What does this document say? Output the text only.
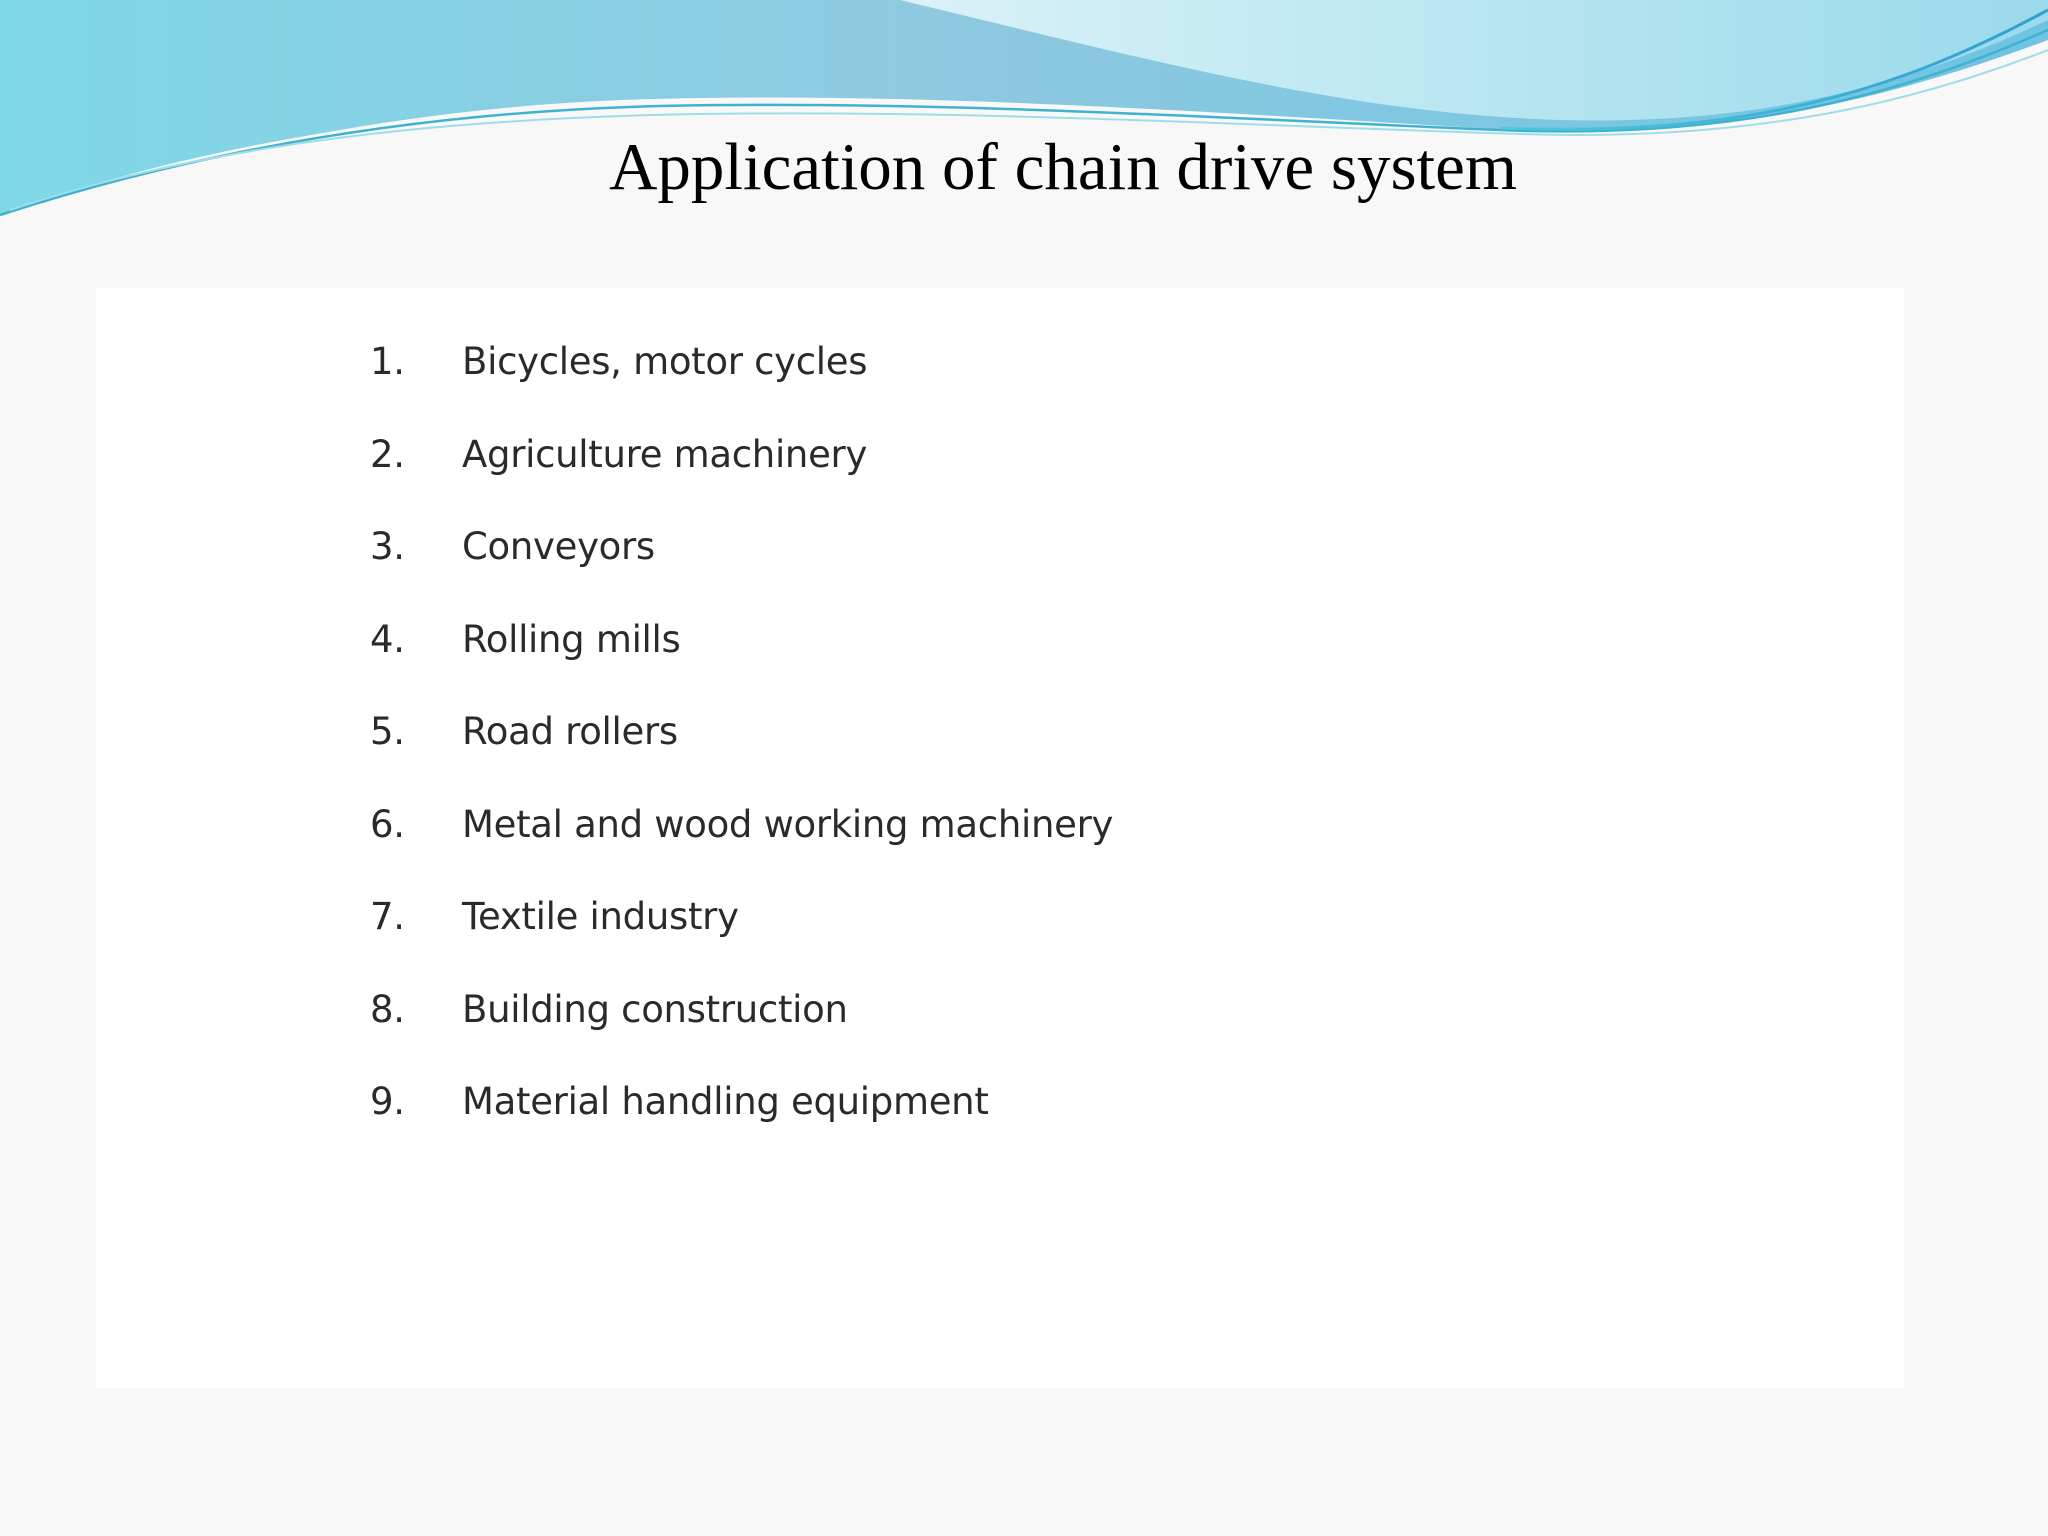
Application of chain drive system
1.	Bicycles, motor cycles
2.	Agriculture machinery
3.	Conveyors
4.	Rolling mills
5.	Road rollers
6.	Metal and wood working machinery
7.	Textile industry
8.	Building construction
9.	Material handling equipment
